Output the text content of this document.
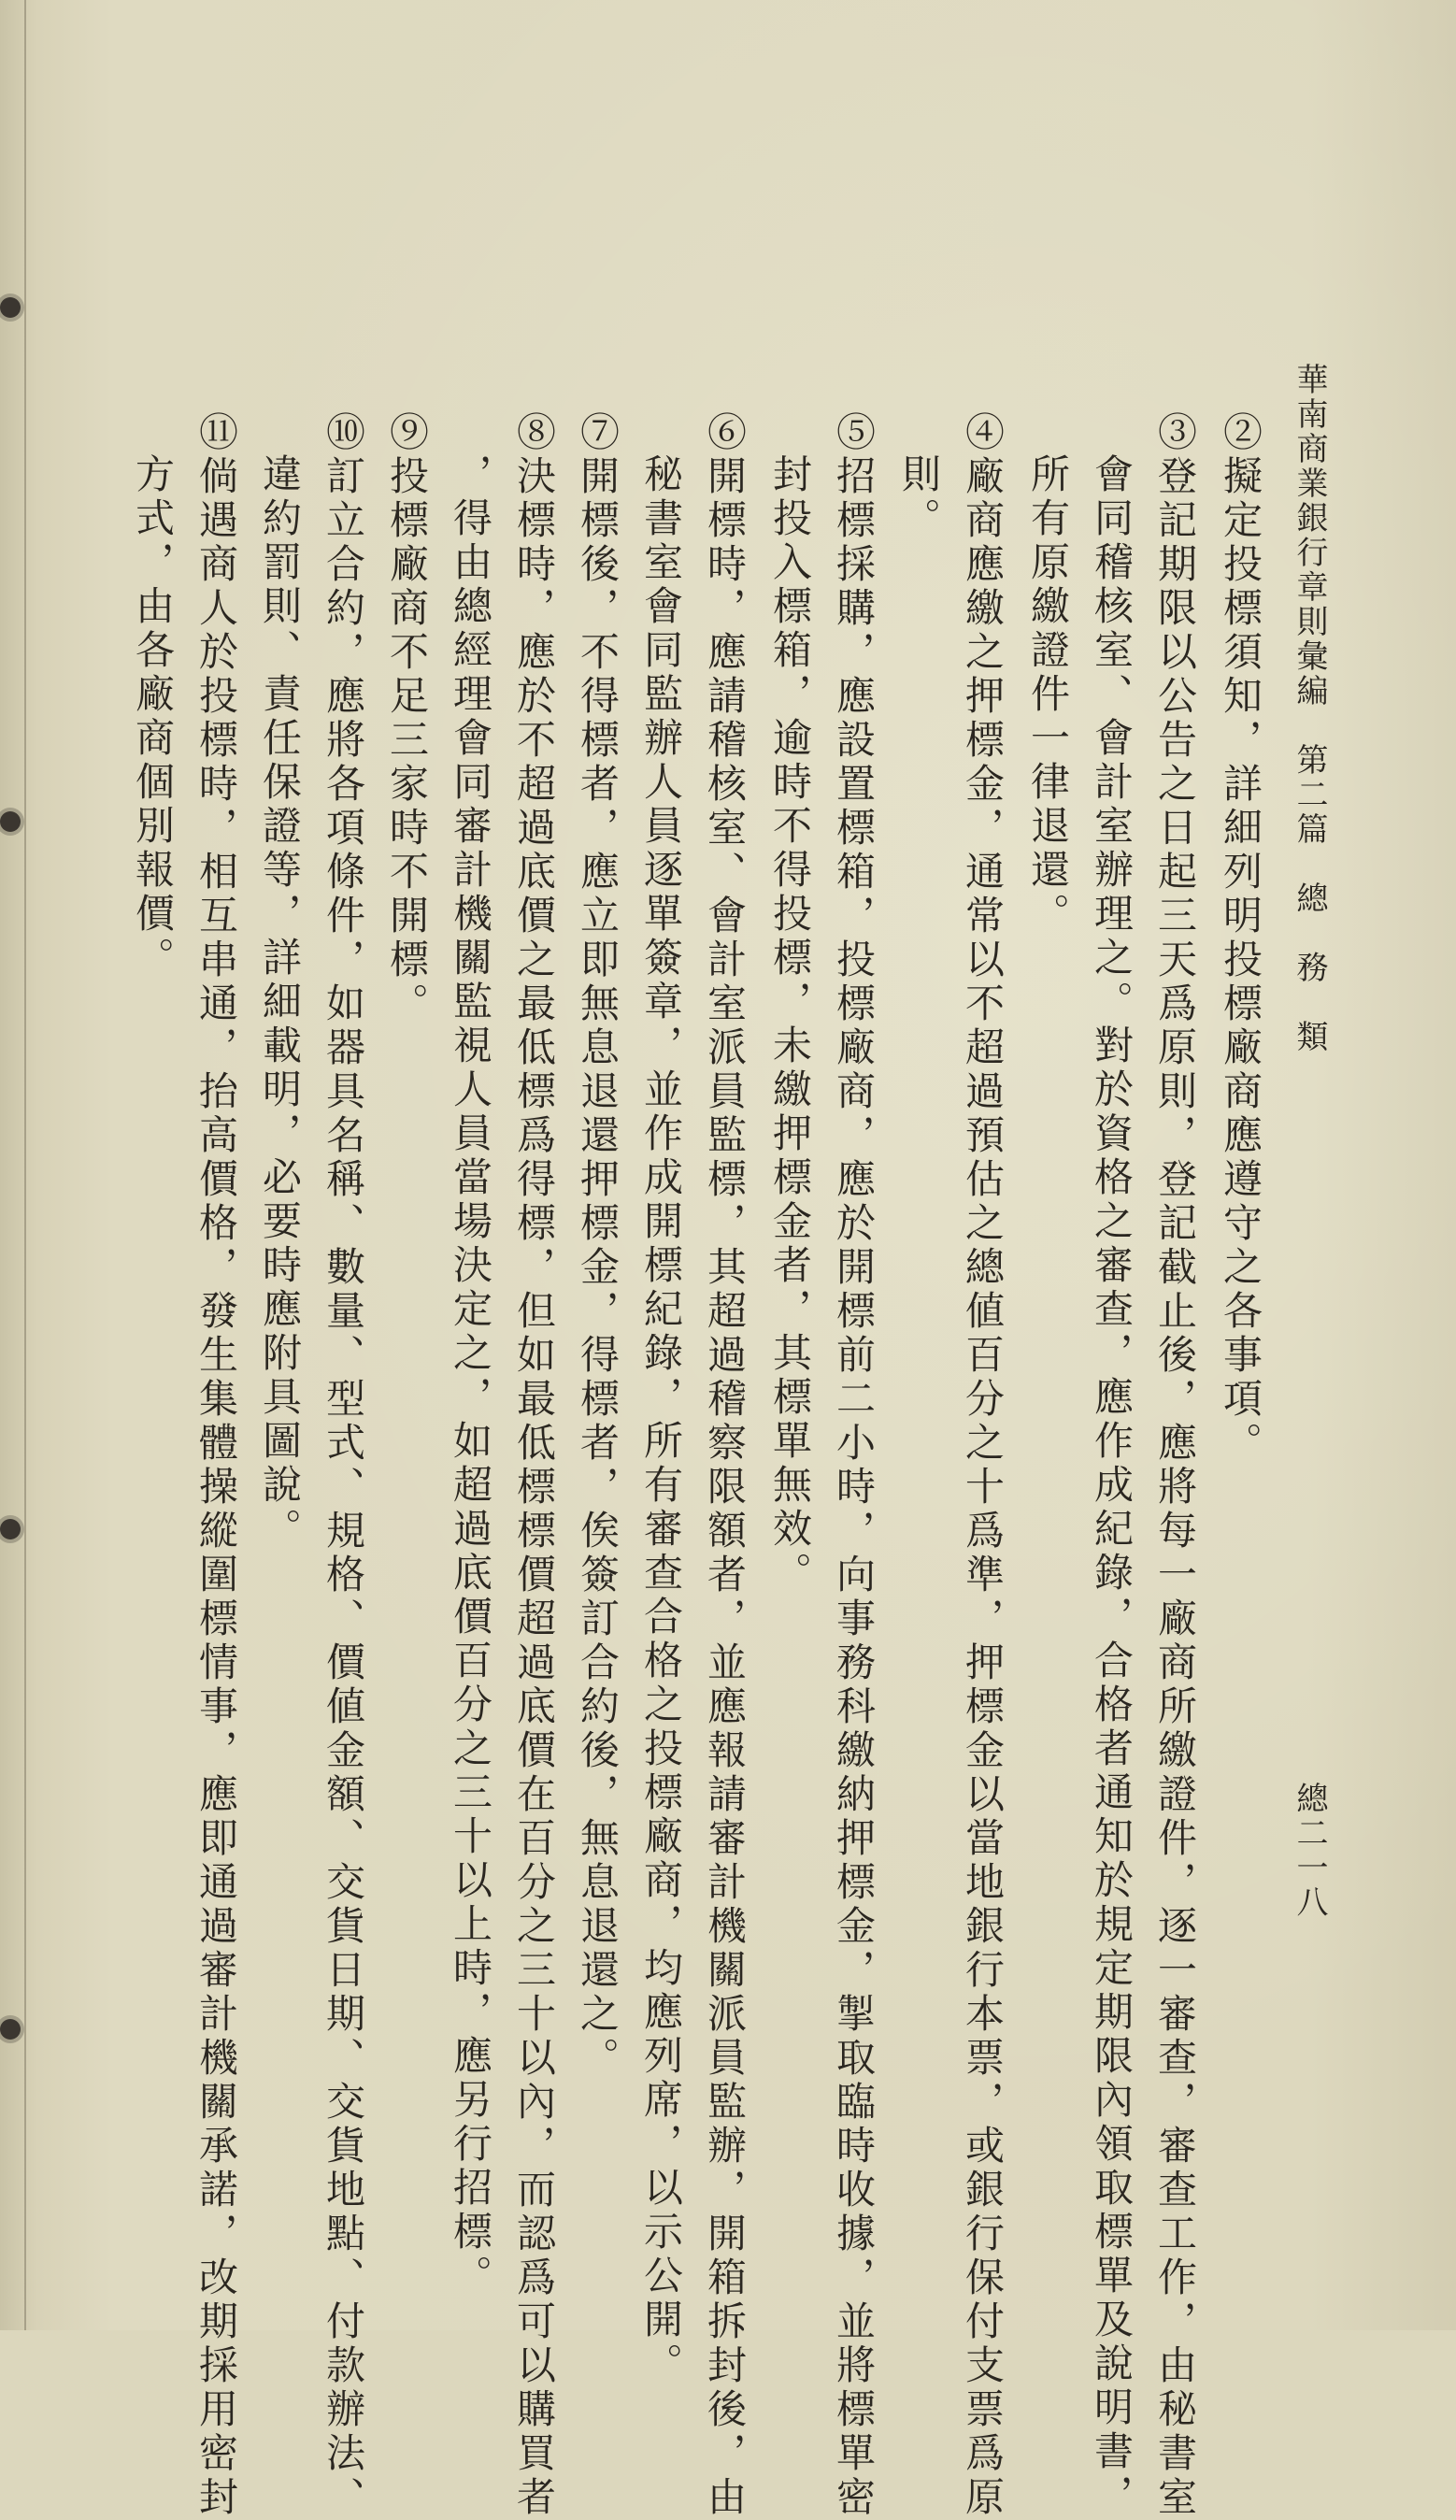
華南商業銀行章則彙編　第二篇　總　務　類
總二一八
②擬定投標須知，詳細列明投標廠商應遵守之各事項。
③登記期限以公告之日起三天爲原則，登記截止後，應將每一廠商所繳證件，逐一審查，審查工作，由秘書室
會同稽核室、會計室辦理之。對於資格之審查，應作成紀錄，合格者通知於規定期限內領取標單及說明書，
所有原繳證件一律退還。
④廠商應繳之押標金，通常以不超過預估之總値百分之十爲準，押標金以當地銀行本票，或銀行保付支票爲原
則。
⑤招標採購，應設置標箱，投標廠商，應於開標前二小時，向事務科繳納押標金，掣取臨時收據，並將標單密
封投入標箱，逾時不得投標，未繳押標金者，其標單無效。
⑥開標時，應請稽核室、會計室派員監標，其超過稽察限額者，並應報請審計機關派員監辦，開箱拆封後，由
秘書室會同監辦人員逐單簽章，並作成開標紀錄，所有審查合格之投標廠商，均應列席，以示公開。
⑦開標後，不得標者，應立即無息退還押標金，得標者，俟簽訂合約後，無息退還之。
⑧決標時，應於不超過底價之最低標爲得標，但如最低標標價超過底價在百分之三十以內，而認爲可以購買者
，得由總經理會同審計機關監視人員當場決定之，如超過底價百分之三十以上時，應另行招標。
⑨投標廠商不足三家時不開標。
⑩訂立合約，應將各項條件，如器具名稱、數量、型式、規格、價値金額、交貨日期、交貨地點、付款辦法、
違約罰則、責任保證等，詳細載明，必要時應附具圖說。
⑪倘遇商人於投標時，相互串通，抬高價格，發生集體操縱圍標情事，應即通過審計機關承諾，改期採用密封
方式，由各廠商個別報價。
